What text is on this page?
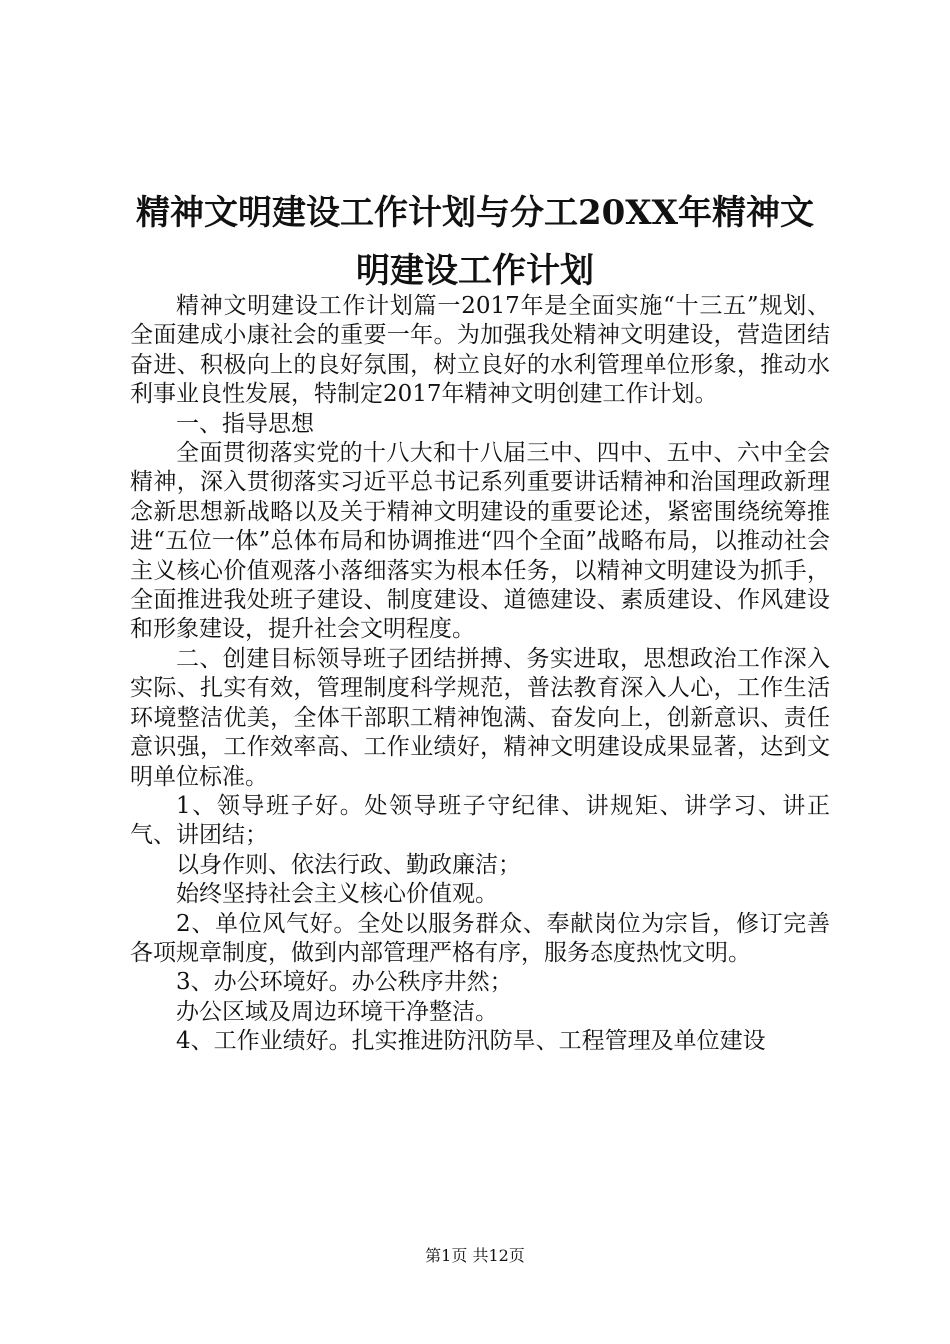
精神文明建设工作计划与分工20XX年精神文
明建设工作计划

精神文明建设工作计划篇一2017年是全面实施“十三五”规划、全面建成小康社会的重要一年。为加强我处精神文明建设，营造团结奋进、积极向上的良好氛围，树立良好的水利管理单位形象，推动水利事业良性发展，特制定2017年精神文明创建工作计划。

一、指导思想

全面贯彻落实党的十八大和十八届三中、四中、五中、六中全会精神，深入贯彻落实习近平总书记系列重要讲话精神和治国理政新理念新思想新战略以及关于精神文明建设的重要论述，紧密围绕统筹推进“五位一体”总体布局和协调推进“四个全面”战略布局，以推动社会主义核心价值观落小落细落实为根本任务，以精神文明建设为抓手，全面推进我处班子建设、制度建设、道德建设、素质建设、作风建设和形象建设，提升社会文明程度。

二、创建目标领导班子团结拼搏、务实进取，思想政治工作深入实际、扎实有效，管理制度科学规范，普法教育深入人心，工作生活环境整洁优美，全体干部职工精神饱满、奋发向上，创新意识、责任意识强，工作效率高、工作业绩好，精神文明建设成果显著，达到文明单位标准。

1、领导班子好。处领导班子守纪律、讲规矩、讲学习、讲正气、讲团结；

以身作则、依法行政、勤政廉洁；

始终坚持社会主义核心价值观。

2、单位风气好。全处以服务群众、奉献岗位为宗旨，修订完善各项规章制度，做到内部管理严格有序，服务态度热忱文明。

3、办公环境好。办公秩序井然；

办公区域及周边环境干净整洁。

4、工作业绩好。扎实推进防汛防旱、工程管理及单位建设

第1页 共12页
